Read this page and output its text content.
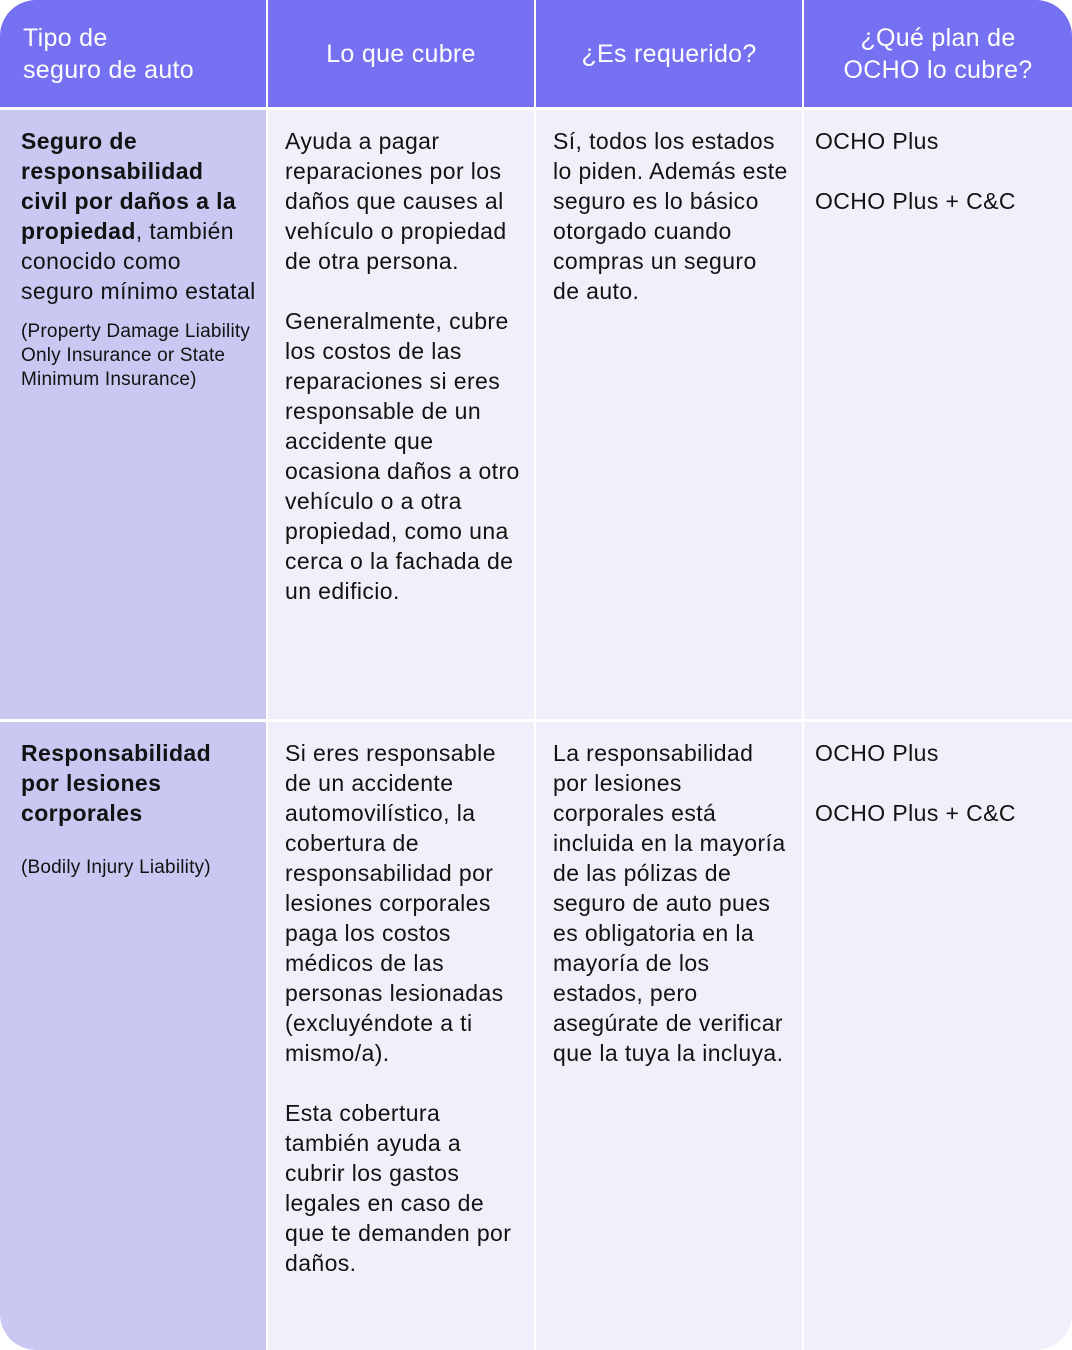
Tipo de
seguro de auto
Lo que cubre	¿Es requerido?
¿Qué plan de
OCHO lo cubre?
Seguro de responsabilidad civil por daños a la propiedad, también conocido como seguro mínimo estatal
(Property Damage Liability Only Insurance or State Minimum Insurance)

Ayuda a pagar reparaciones por los daños que causes al vehículo o propiedad de otra persona.

Generalmente, cubre los costos de las reparaciones si eres responsable de un accidente que ocasiona daños a otro vehículo o a otra propiedad, como una cerca o la fachada de un edificio.

Sí, todos los estados lo piden. Además este seguro es lo básico otorgado cuando compras un seguro de auto.

OCHO Plus
OCHO Plus + C&C
Responsabilidad por lesiones corporales
(Bodily Injury Liability)

Si eres responsable de un accidente automovilístico, la cobertura de responsabilidad por lesiones corporales paga los costos médicos de las personas lesionadas (excluyéndote a ti mismo/a).

Esta cobertura también ayuda a cubrir los gastos legales en caso de que te demanden por daños.

La responsabilidad por lesiones corporales está incluida en la mayoría de las pólizas de seguro de auto pues es obligatoria en la mayoría de los estados, pero asegúrate de verificar que la tuya la incluya.

OCHO Plus
OCHO Plus + C&C
